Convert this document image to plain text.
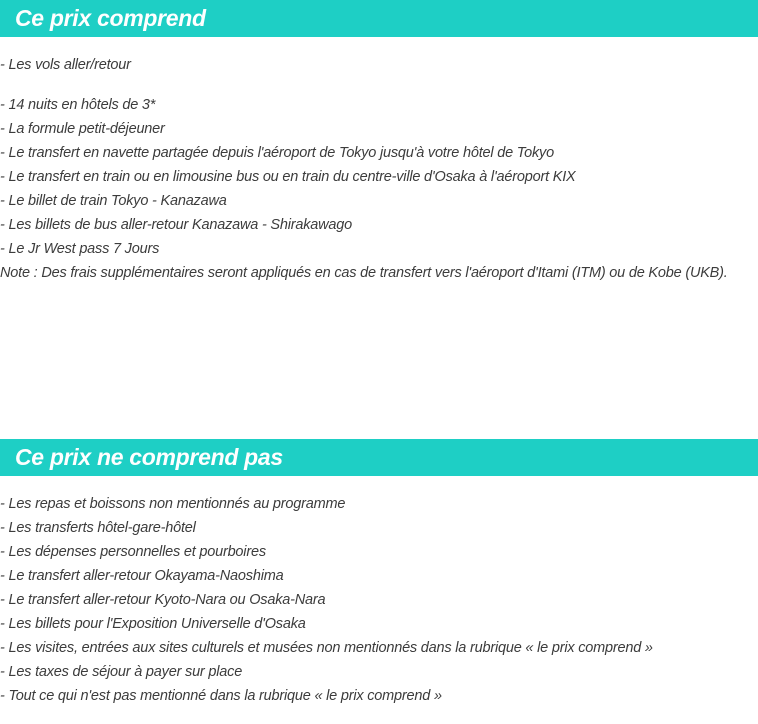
Ce prix comprend
- Les vols aller/retour
- 14 nuits en hôtels de 3*
- La formule petit-déjeuner
- Le transfert en navette partagée depuis l'aéroport de Tokyo jusqu'à votre hôtel de Tokyo
- Le transfert en train ou en limousine bus ou en train du centre-ville d'Osaka à l'aéroport KIX
- Le billet de train Tokyo - Kanazawa
- Les billets de bus aller-retour Kanazawa - Shirakawago
- Le Jr West pass 7 Jours
Note : Des frais supplémentaires seront appliqués en cas de transfert vers l'aéroport d'Itami (ITM) ou de Kobe (UKB).
Ce prix ne comprend pas
- Les repas et boissons non mentionnés au programme
- Les transferts hôtel-gare-hôtel
- Les dépenses personnelles et pourboires
- Le transfert aller-retour Okayama-Naoshima
- Le transfert aller-retour Kyoto-Nara ou Osaka-Nara
- Les billets pour l'Exposition Universelle d'Osaka
- Les visites, entrées aux sites culturels et musées non mentionnés dans la rubrique « le prix comprend »
- Les taxes de séjour à payer sur place
- Tout ce qui n'est pas mentionné dans la rubrique « le prix comprend »
